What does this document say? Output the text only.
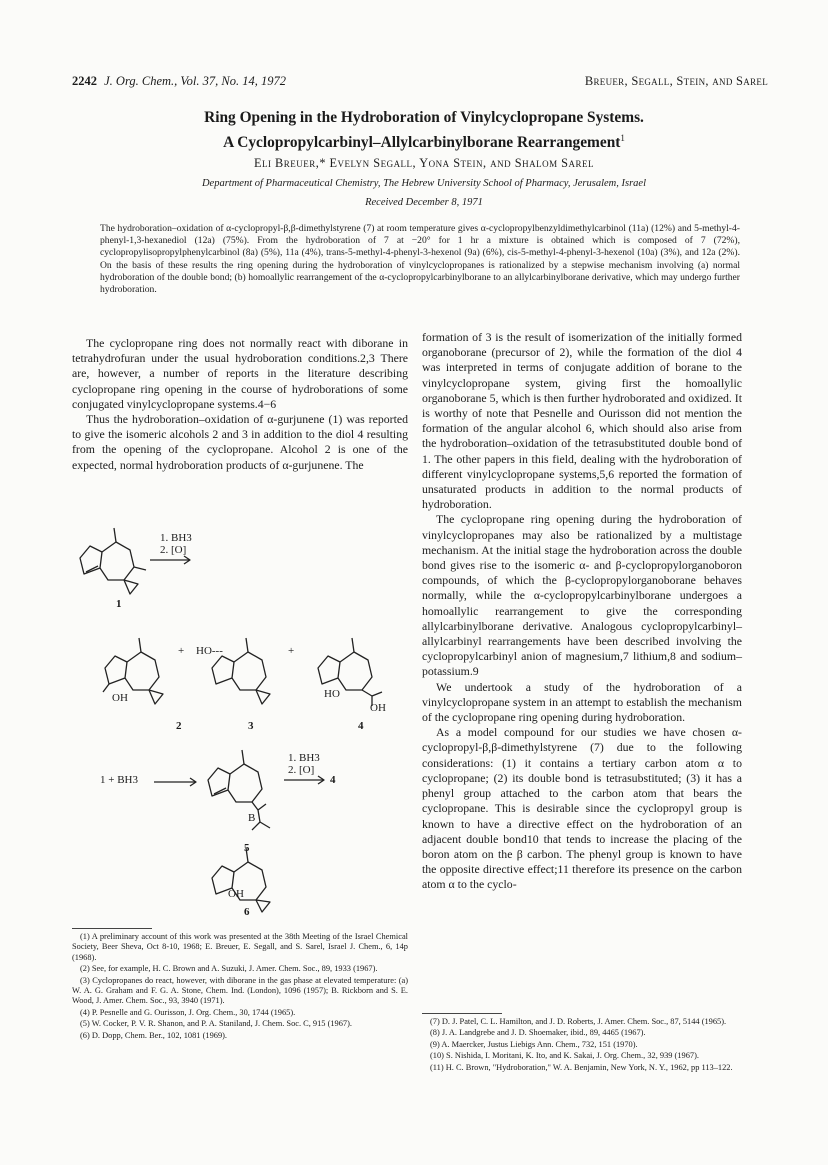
2242 J. Org. Chem., Vol. 37, No. 14, 1972	Breuer, Segall, Stein, and Sarel
Ring Opening in the Hydroboration of Vinylcyclopropane Systems.
A Cyclopropylcarbinyl–Allylcarbinylborane Rearrangement$^1$
Eli Breuer,* Evelyn Segall, Yona Stein, and Shalom Sarel
Department of Pharmaceutical Chemistry, The Hebrew University School of Pharmacy, Jerusalem, Israel
Received December 8, 1971
The hydroboration–oxidation of α-cyclopropyl-β,β-dimethylstyrene (7) at room temperature gives α-cyclopropylbenzyldimethylcarbinol (11a) (12%) and 5-methyl-4-phenyl-1,3-hexanediol (12a) (75%). From the hydroboration of 7 at −20° for 1 hr a mixture is obtained which is composed of 7 (72%), cyclopropylisopropylphenylcarbinol (8a) (5%), 11a (4%), trans-5-methyl-4-phenyl-3-hexenol (9a) (6%), cis-5-methyl-4-phenyl-3-hexenol (10a) (3%), and 12a (2%). On the basis of these results the ring opening during the hydroboration of vinylcyclopropanes is rationalized by a stepwise mechanism involving (a) normal hydroboration of the double bond; (b) homoallylic rearrangement of the α-cyclopropylcarbinylborane to an allylcarbinylborane derivative, which may undergo further hydroboration.

The cyclopropane ring does not normally react with diborane in tetrahydrofuran under the usual hydroboration conditions.2,3 There are, however, a number of reports in the literature describing cyclopropane ring opening in the course of hydroborations of some conjugated vinylcyclopropane systems.4−6

Thus the hydroboration–oxidation of α-gurjunene (1) was reported to give the isomeric alcohols 2 and 3 in addition to the diol 4 resulting from the opening of the cyclopropane. Alcohol 2 is one of the expected, normal hydroboration products of α-gurjunene. The

1. BH3
2. [O]
1
OH
+ HO---	+
HO
OH
2	3	4
1 + BH3
B
1. BH3
2. [O]
4
5
OH
6

formation of 3 is the result of isomerization of the initially formed organoborane (precursor of 2), while the formation of the diol 4 was interpreted in terms of conjugate addition of borane to the vinylcyclopropane system, giving first the homoallylic organoborane 5, which is then further hydroborated and oxidized. It is worthy of note that Pesnelle and Ourisson did not mention the formation of the angular alcohol 6, which should also arise from the hydroboration–oxidation of the tetrasubstituted double bond of 1. The other papers in this field, dealing with the hydroboration of different vinylcyclopropane systems,5,6 reported the formation of unsaturated products in addition to the normal products of hydroboration.

The cyclopropane ring opening during the hydroboration of vinylcyclopropanes may also be rationalized by a multistage mechanism. At the initial stage the hydroboration across the double bond gives rise to the isomeric α- and β-cyclopropylorganoboron compounds, of which the β-cyclopropylorganoborane behaves normally, while the α-cyclopropylcarbinylborane undergoes a homoallylic rearrangement to give the corresponding allylcarbinylborane derivative. Analogous cyclopropylcarbinyl–allylcarbinyl rearrangements have been described involving the cyclopropylcarbinyl anion of magnesium,7 lithium,8 and sodium–potassium.9

We undertook a study of the hydroboration of a vinylcyclopropane system in an attempt to establish the mechanism of the cyclopropane ring opening during hydroboration.

As a model compound for our studies we have chosen α-cyclopropyl-β,β-dimethylstyrene (7) due to the following considerations: (1) it contains a tertiary carbon atom α to cyclopropane; (2) its double bond is tetrasubstituted; (3) it has a phenyl group attached to the carbon atom that bears the cyclopropane. This is desirable since the cyclopropyl group is known to have a directive effect on the hydroboration of an adjacent double bond10 that tends to increase the placing of the boron atom on the β carbon. The phenyl group is known to have the opposite directive effect;11 therefore its presence on the carbon atom α to the cyclo-

(1) A preliminary account of this work was presented at the 38th Meeting of the Israel Chemical Society, Beer Sheva, Oct 8-10, 1968; E. Breuer, E. Segall, and S. Sarel, Israel J. Chem., 6, 14p (1968).

(2) See, for example, H. C. Brown and A. Suzuki, J. Amer. Chem. Soc., 89, 1933 (1967).

(3) Cyclopropanes do react, however, with diborane in the gas phase at elevated temperature: (a) W. A. G. Graham and F. G. A. Stone, Chem. Ind. (London), 1096 (1957); B. Rickborn and S. E. Wood, J. Amer. Chem. Soc., 93, 3940 (1971).

(4) P. Pesnelle and G. Ourisson, J. Org. Chem., 30, 1744 (1965).

(5) W. Cocker, P. V. R. Shanon, and P. A. Staniland, J. Chem. Soc. C, 915 (1967).

(6) D. Dopp, Chem. Ber., 102, 1081 (1969).

(7) D. J. Patel, C. L. Hamilton, and J. D. Roberts, J. Amer. Chem. Soc., 87, 5144 (1965).

(8) J. A. Landgrebe and J. D. Shoemaker, ibid., 89, 4465 (1967).

(9) A. Maercker, Justus Liebigs Ann. Chem., 732, 151 (1970).

(10) S. Nishida, I. Moritani, K. Ito, and K. Sakai, J. Org. Chem., 32, 939 (1967).

(11) H. C. Brown, "Hydroboration," W. A. Benjamin, New York, N. Y., 1962, pp 113–122.
